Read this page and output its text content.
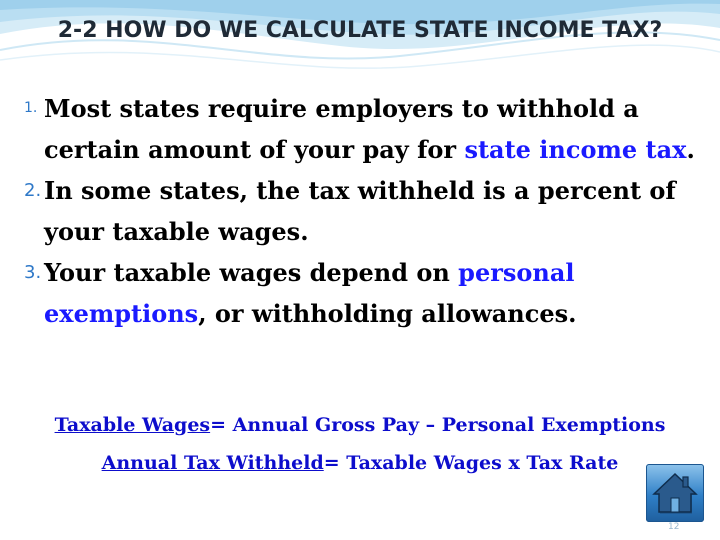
2-2 HOW DO WE CALCULATE STATE INCOME TAX?
1. Most states require employers to withhold a certain amount of your pay for state income tax.
2. In some states, the tax withheld is a percent of your taxable wages.
3. Your taxable wages depend on personal exemptions, or withholding allowances.
Taxable Wages= Annual Gross Pay – Personal Exemptions
Annual Tax Withheld= Taxable Wages x Tax Rate
12
